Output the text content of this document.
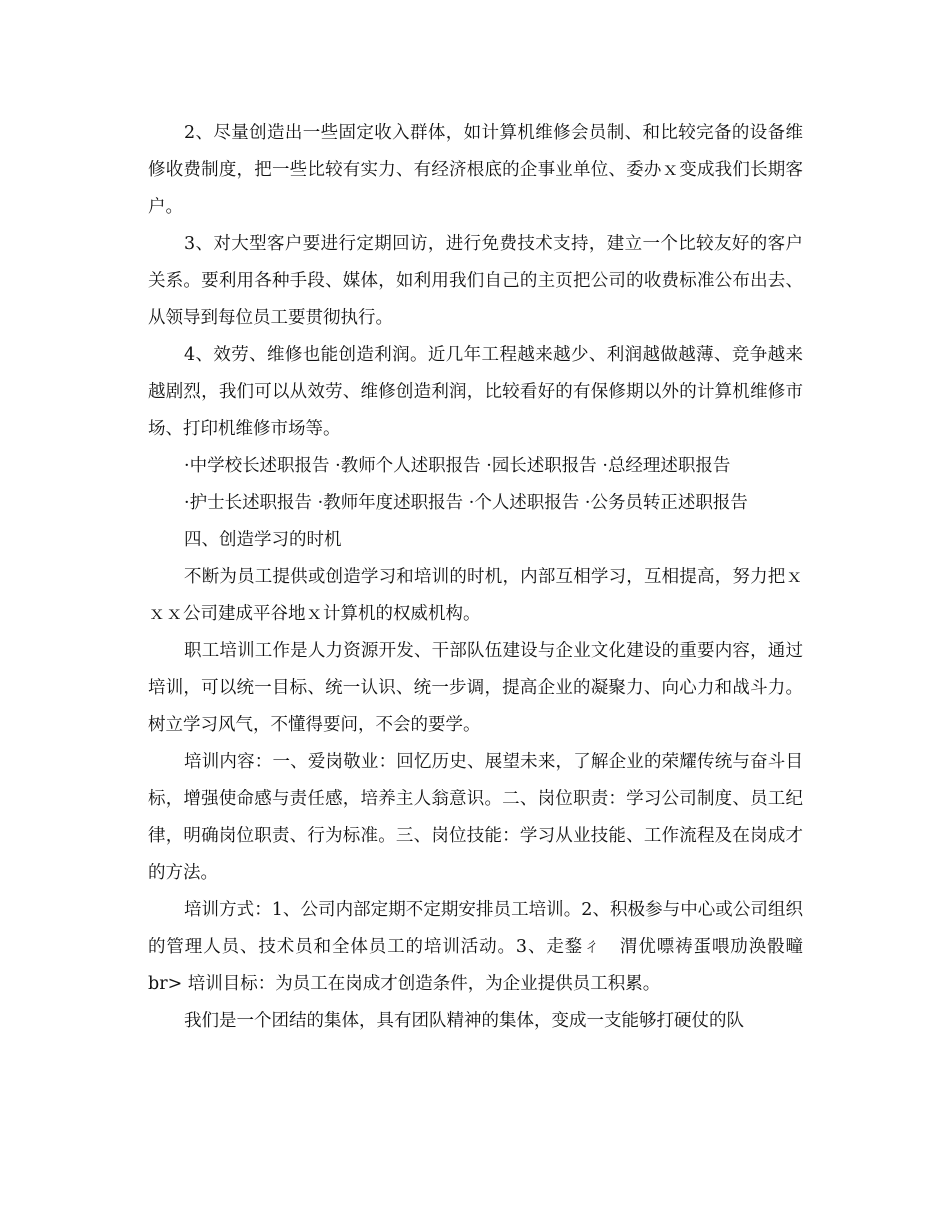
2、尽量创造出一些固定收入群体，如计算机维修会员制、和比较完备的设备维修收费制度，把一些比较有实力、有经济根底的企事业单位、委办ｘ变成我们长期客户。

3、对大型客户要进行定期回访，进行免费技术支持，建立一个比较友好的客户关系。要利用各种手段、媒体，如利用我们自己的主页把公司的收费标准公布出去、从领导到每位员工要贯彻执行。

4、效劳、维修也能创造利润。近几年工程越来越少、利润越做越薄、竞争越来越剧烈，我们可以从效劳、维修创造利润，比较看好的有保修期以外的计算机维修市场、打印机维修市场等。

·中学校长述职报告 ·教师个人述职报告 ·园长述职报告 ·总经理述职报告

·护士长述职报告 ·教师年度述职报告 ·个人述职报告 ·公务员转正述职报告

四、创造学习的时机

不断为员工提供或创造学习和培训的时机，内部互相学习，互相提高，努力把ｘｘｘ公司建成平谷地ｘ计算机的权威机构。

职工培训工作是人力资源开发、干部队伍建设与企业文化建设的重要内容，通过培训，可以统一目标、统一认识、统一步调，提高企业的凝聚力、向心力和战斗力。树立学习风气，不懂得要问，不会的要学。

培训内容：一、爱岗敬业：回忆历史、展望未来，了解企业的荣耀传统与奋斗目标，增强使命感与责任感，培养主人翁意识。二、岗位职责：学习公司制度、员工纪律，明确岗位职责、行为标准。三、岗位技能：学习从业技能、工作流程及在岗成才的方法。

培训方式：1、公司内部定期不定期安排员工培训。2、积极参与中心或公司组织的管理人员、技术员和全体员工的培训活动。3、走鍪ㄔ　渭优嘌祷蛋喂劢涣骰疃　br> 培训目标：为员工在岗成才创造条件，为企业提供员工积累。

我们是一个团结的集体，具有团队精神的集体，变成一支能够打硬仗的队
